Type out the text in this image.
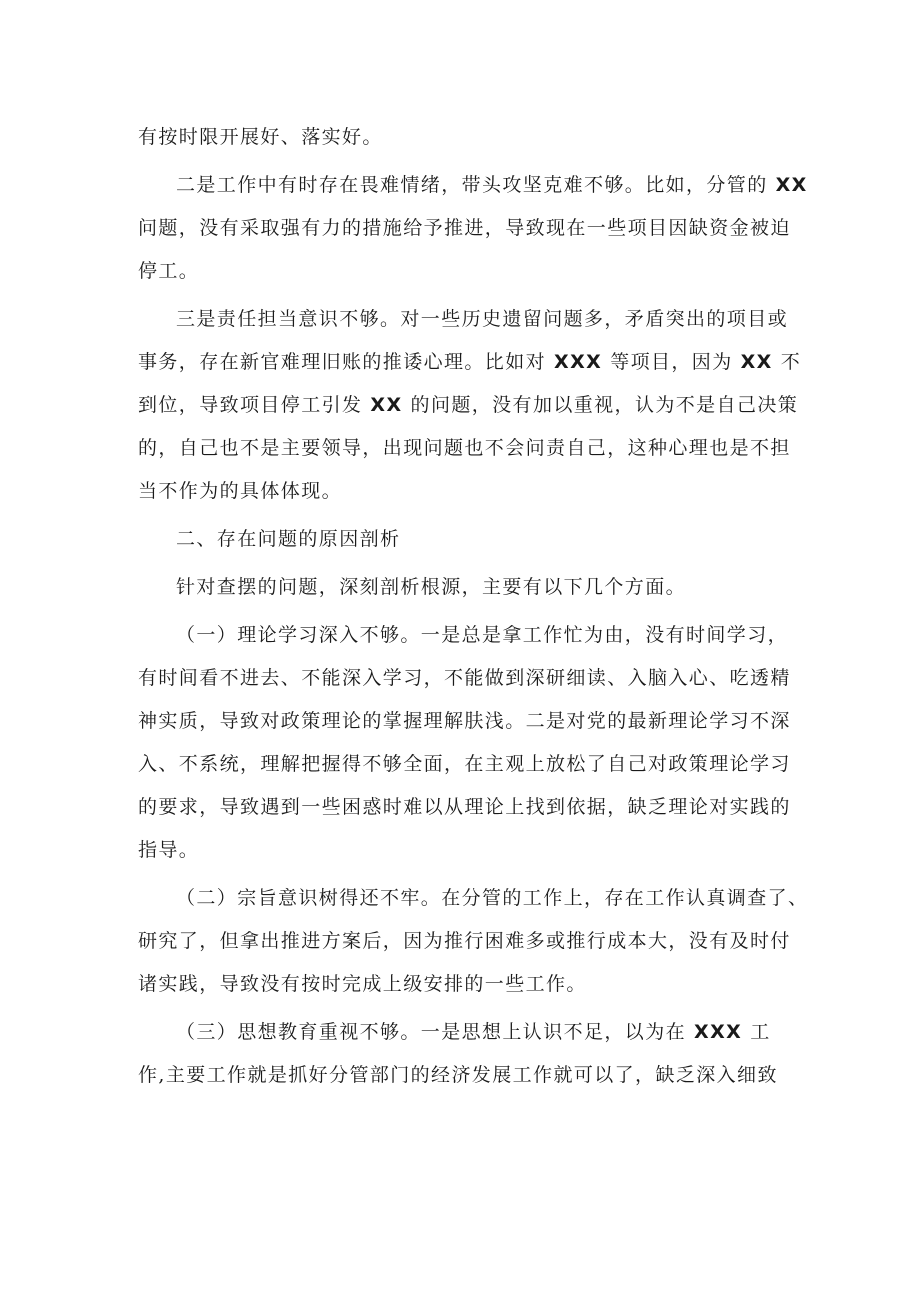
有按时限开展好、落实好。

二是工作中有时存在畏难情绪，带头攻坚克难不够。比如，分管的 XX
问题，没有采取强有力的措施给予推进，导致现在一些项目因缺资金被迫
停工。

三是责任担当意识不够。对一些历史遗留问题多，矛盾突出的项目或
事务，存在新官难理旧账的推诿心理。比如对 XXX 等项目，因为 XX 不
到位，导致项目停工引发 XX 的问题，没有加以重视，认为不是自己决策
的，自己也不是主要领导，出现问题也不会问责自己，这种心理也是不担
当不作为的具体体现。

二、存在问题的原因剖析

针对查摆的问题，深刻剖析根源，主要有以下几个方面。

（一）理论学习深入不够。一是总是拿工作忙为由，没有时间学习，
有时间看不进去、不能深入学习，不能做到深研细读、入脑入心、吃透精
神实质，导致对政策理论的掌握理解肤浅。二是对党的最新理论学习不深
入、不系统，理解把握得不够全面，在主观上放松了自己对政策理论学习
的要求，导致遇到一些困惑时难以从理论上找到依据，缺乏理论对实践的
指导。

（二）宗旨意识树得还不牢。在分管的工作上，存在工作认真调查了、
研究了，但拿出推进方案后，因为推行困难多或推行成本大，没有及时付
诸实践，导致没有按时完成上级安排的一些工作。

（三）思想教育重视不够。一是思想上认识不足，以为在 XXX 工
作,主要工作就是抓好分管部门的经济发展工作就可以了，缺乏深入细致
